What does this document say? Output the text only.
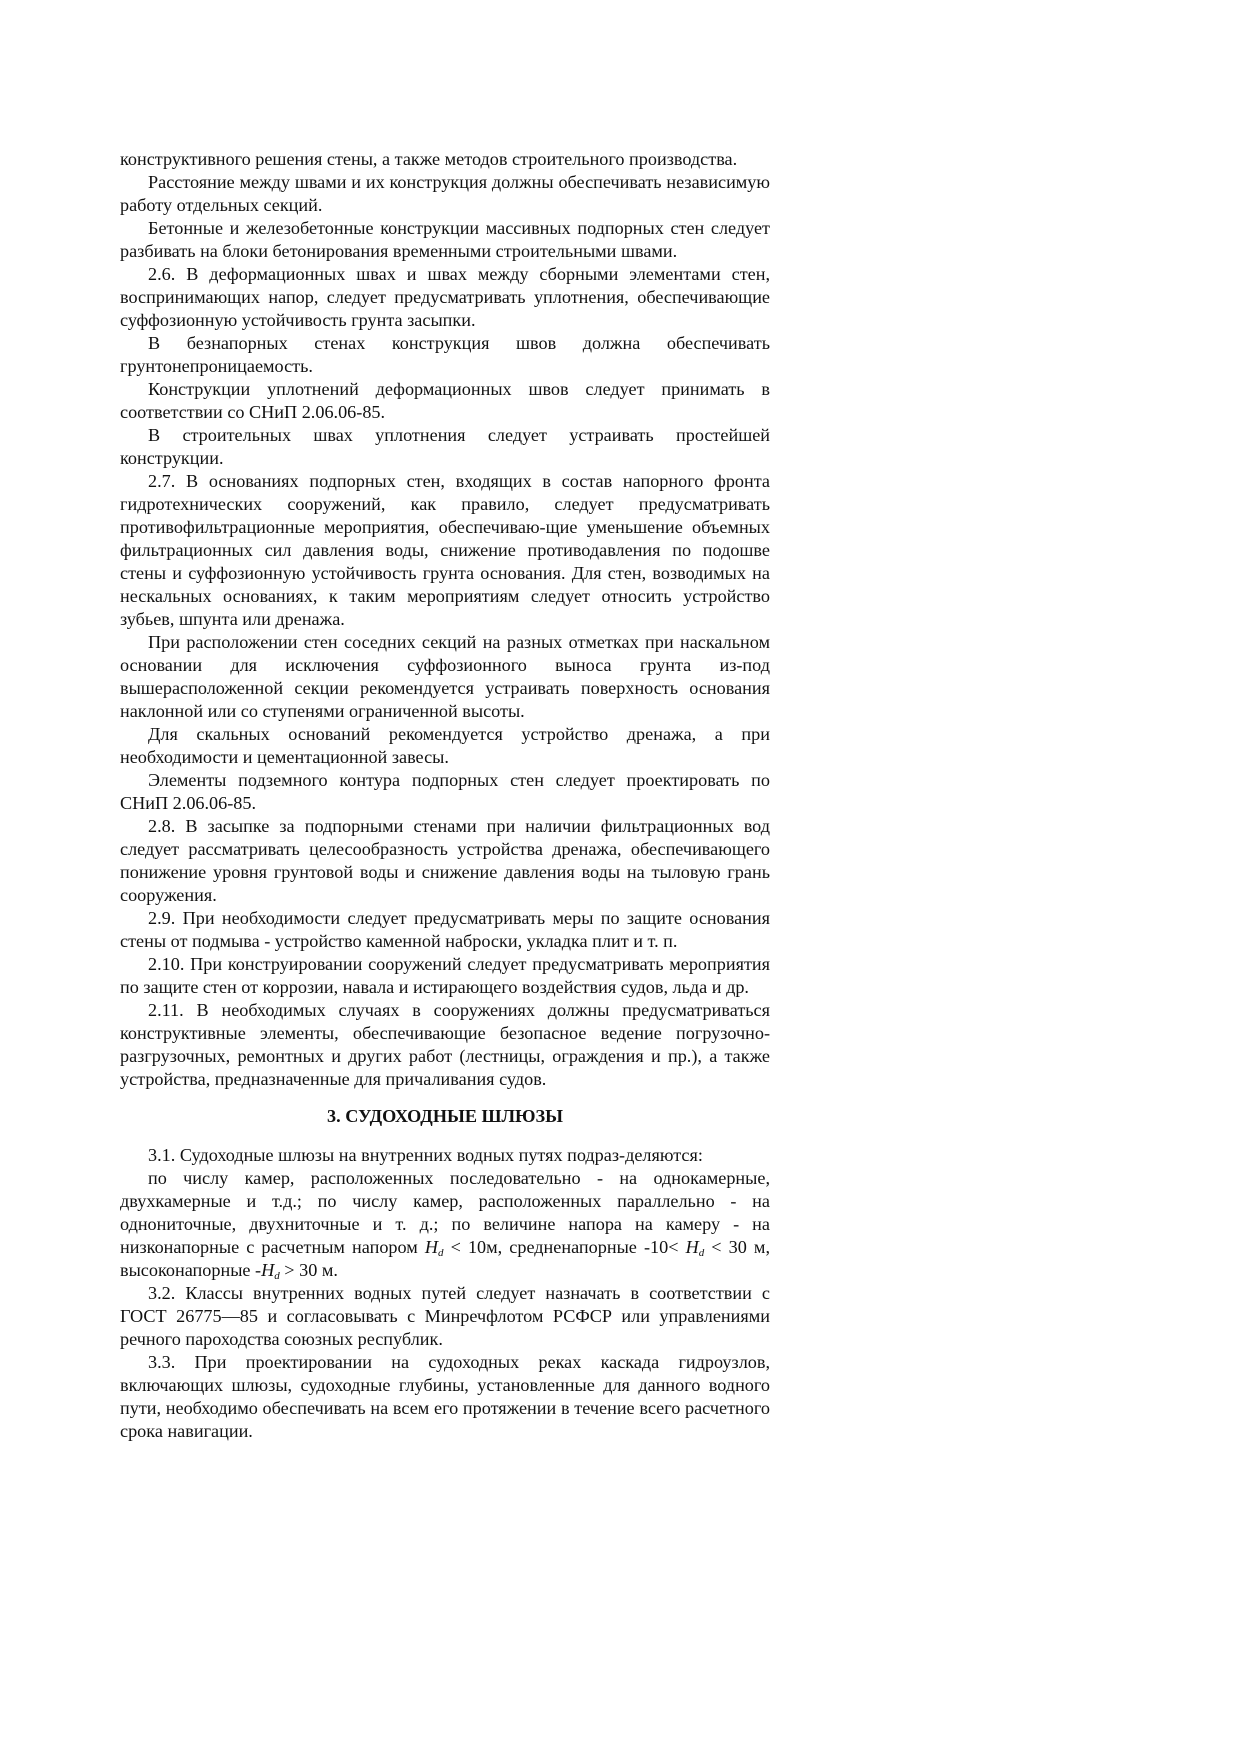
конструктивного решения стены, а также методов строительного производства.

Расстояние между швами и их конструкция должны обеспечивать независимую работу отдельных секций.

Бетонные и железобетонные конструкции массивных подпорных стен следует разбивать на блоки бетонирования временными строительными швами.

2.6. В деформационных швах и швах между сборными элементами стен, воспринимающих напор, следует предусматривать уплотнения, обеспечивающие суффозионную устойчивость грунта засыпки.

В безнапорных стенах конструкция швов должна обеспечивать грунтонепроницаемость.

Конструкции уплотнений деформационных швов следует принимать в соответствии со СНиП 2.06.06-85.

В строительных швах уплотнения следует устраивать простейшей конструкции.

2.7. В основаниях подпорных стен, входящих в состав напорного фронта гидротехнических сооружений, как правило, следует предусматривать противофильтрационные мероприятия, обеспечиваю-щие уменьшение объемных фильтрационных сил давления воды, снижение противодавления по подошве стены и суффозионную устойчивость грунта основания. Для стен, возводимых на нескальных основаниях, к таким мероприятиям следует относить устройство зубьев, шпунта или дренажа.

При расположении стен соседних секций на разных отметках при наскальном основании для исключения суффозионного выноса грунта из-под вышерасположенной секции рекомендуется устраивать поверхность основания наклонной или со ступенями ограниченной высоты.

Для скальных оснований рекомендуется устройство дренажа, а при необходимости и цементационной завесы.

Элементы подземного контура подпорных стен следует проектировать по СНиП 2.06.06-85.

2.8. В засыпке за подпорными стенами при наличии фильтрационных вод следует рассматривать целесообразность устройства дренажа, обеспечивающего понижение уровня грунтовой воды и снижение давления воды на тыловую грань сооружения.

2.9. При необходимости следует предусматривать меры по защите основания стены от подмыва - устройство каменной наброски, укладка плит и т. п.

2.10. При конструировании сооружений следует предусматривать мероприятия по защите стен от коррозии, навала и истирающего воздействия судов, льда и др.

2.11. В необходимых случаях в сооружениях должны предусматриваться конструктивные элементы, обеспечивающие безопасное ведение погрузочно-разгрузочных, ремонтных и других работ (лестницы, ограждения и пр.), а также устройства, предназначенные для причаливания судов.

3. СУДОХОДНЫЕ ШЛЮЗЫ

3.1. Судоходные шлюзы на внутренних водных путях подраз-деляются:

по числу камер, расположенных последовательно - на однокамерные, двухкамерные и т.д.; по числу камер, расположенных параллельно - на однониточные, двухниточные и т. д.; по величине напора на камеру - на низконапорные с расчетным напором $H_d < 10м$, средненапорные $-10< H_d < 30$ м, высоконапорные $-H_d > 30$ м.

3.2. Классы внутренних водных путей следует назначать в соответствии с ГОСТ 26775—85 и согласовывать с Минречфлотом РСФСР или управлениями речного пароходства союзных республик.

3.3. При проектировании на судоходных реках каскада гидроузлов, включающих шлюзы, судоходные глубины, установленные для данного водного пути, необходимо обеспечивать на всем его протяжении в течение всего расчетного срока навигации.
